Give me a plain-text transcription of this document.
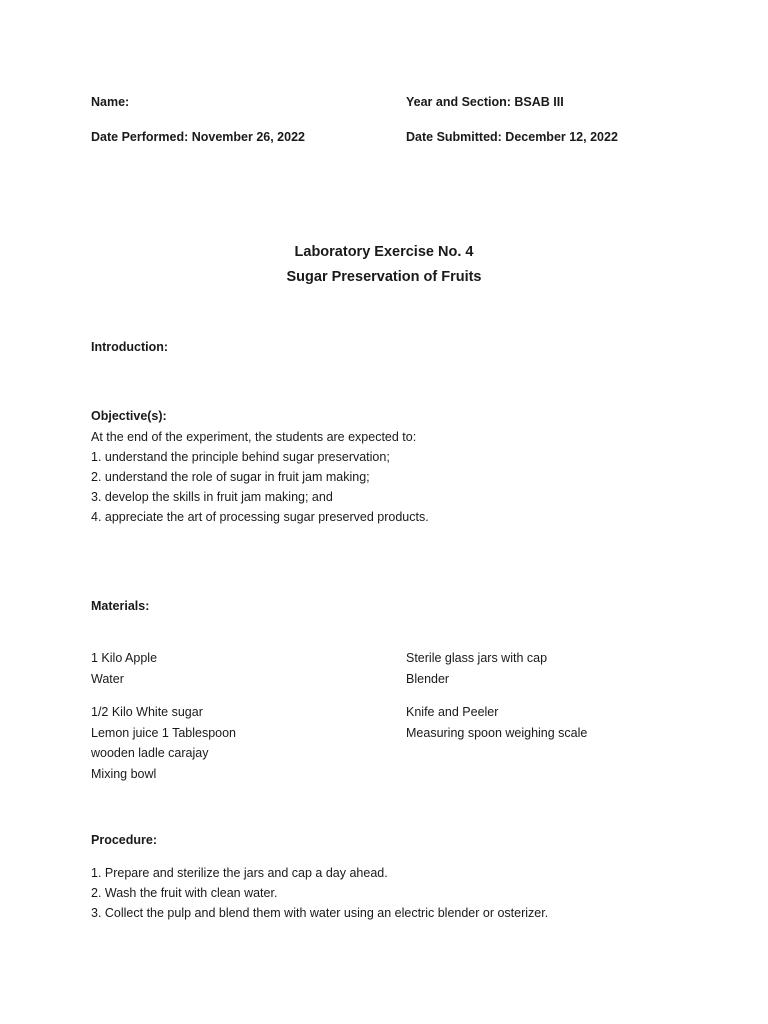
Name:	Year and Section: BSAB III
Date Performed: November 26, 2022	Date Submitted: December 12, 2022
Laboratory Exercise No. 4
Sugar Preservation of Fruits
Introduction:
Objective(s):
At the end of the experiment, the students are expected to:
1. understand the principle behind sugar preservation;
2. understand the role of sugar in fruit jam making;
3. develop the skills in fruit jam making; and
4. appreciate the art of processing sugar preserved products.
Materials:
1 Kilo Apple
Water
1/2 Kilo White sugar
Lemon juice 1 Tablespoon
wooden ladle carajay
Mixing bowl
Sterile glass jars with cap
Blender
Knife and Peeler
Measuring spoon weighing scale
Procedure:
1. Prepare and sterilize the jars and cap a day ahead.
2. Wash the fruit with clean water.
3. Collect the pulp and blend them with water using an electric blender or osterizer.
